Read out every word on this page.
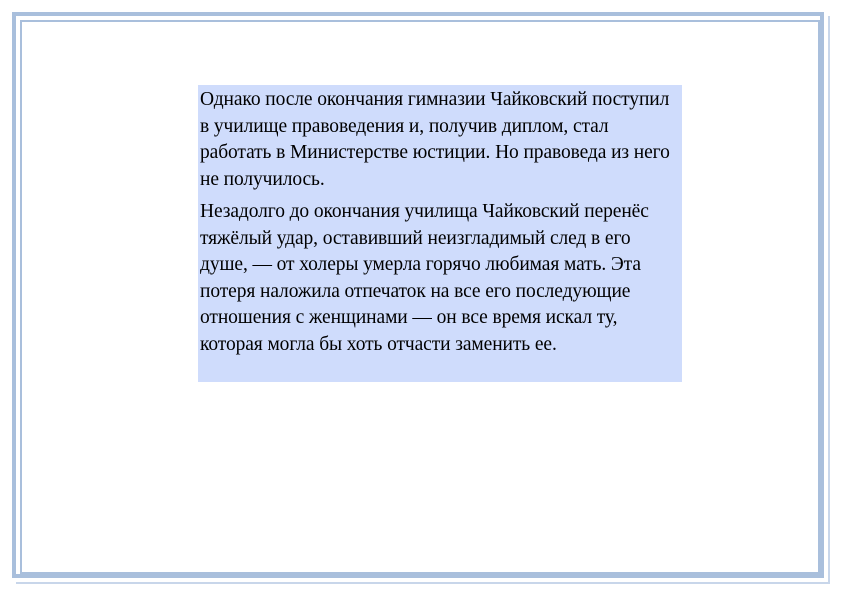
Однако после окончания гимназии Чайковский поступил в училище правоведения и, получив диплом, стал работать в Министерстве юстиции. Но правоведа из него не получилось.

Незадолго до окончания училища Чайковский перенёс тяжёлый удар, оставивший неизгладимый след в его душе, — от холеры умерла горячо любимая мать. Эта потеря наложила отпечаток на все его последующие отношения с женщинами — он все время искал ту, которая могла бы хоть отчасти заменить ее.
